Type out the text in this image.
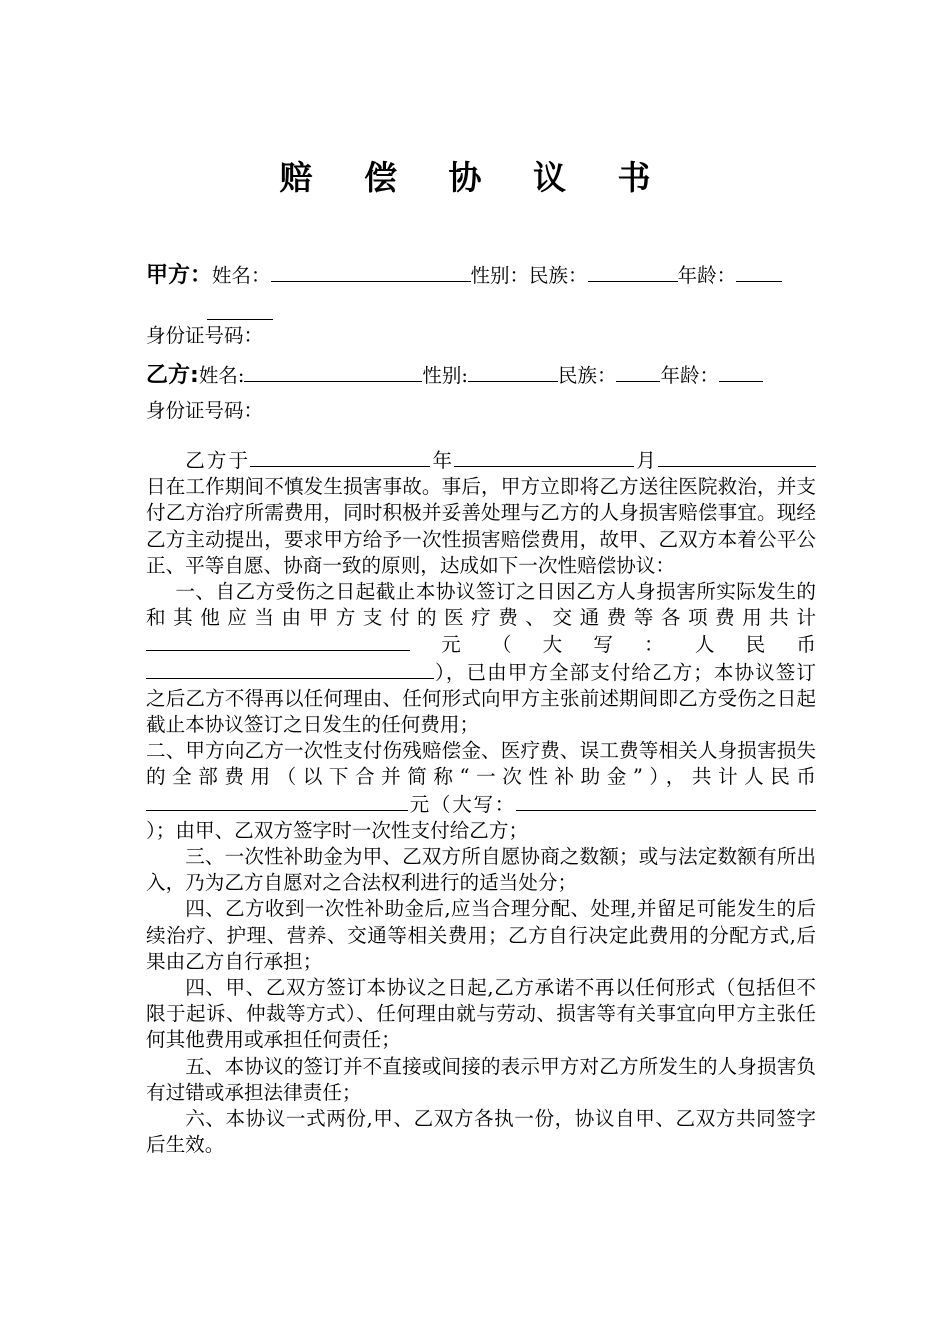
赔 偿 协 议 书
甲方：姓名：	性别：民族：	年龄：
身份证号码：
乙方:姓名:	性别:	民族： 年龄：
身份证号码：

乙方于	年	月日在工作期间不慎发生损害事故。事后，甲方立即将乙方送往医院救治，并支付乙方治疗所需费用，同时积极并妥善处理与乙方的人身损害赔偿事宜。现经乙方主动提出，要求甲方给予一次性损害赔偿费用，故甲、乙双方本着公平公正、平等自愿、协商一致的原则，达成如下一次性赔偿协议：

一、自乙方受伤之日起截止本协议签订之日因乙方人身损害所实际发生的和其他应当由甲方支付的医疗费、交通费等各项费用共计元（大写：人民币），已由甲方全部支付给乙方；本协议签订之后乙方不得再以任何理由、任何形式向甲方主张前述期间即乙方受伤之日起截止本协议签订之日发生的任何费用；

二、甲方向乙方一次性支付伤残赔偿金、医疗费、误工费等相关人身损害损失的全部费用（以下合并简称“一次性补助金”），共计人民币元（大写：）；由甲、乙双方签字时一次性支付给乙方；

三、一次性补助金为甲、乙双方所自愿协商之数额；或与法定数额有所出入，乃为乙方自愿对之合法权利进行的适当处分；

四、乙方收到一次性补助金后,应当合理分配、处理,并留足可能发生的后续治疗、护理、营养、交通等相关费用；乙方自行决定此费用的分配方式,后果由乙方自行承担；

四、甲、乙双方签订本协议之日起,乙方承诺不再以任何形式（包括但不限于起诉、仲裁等方式）、任何理由就与劳动、损害等有关事宜向甲方主张任何其他费用或承担任何责任；

五、本协议的签订并不直接或间接的表示甲方对乙方所发生的人身损害负有过错或承担法律责任；

六、本协议一式两份,甲、乙双方各执一份，协议自甲、乙双方共同签字后生效。
